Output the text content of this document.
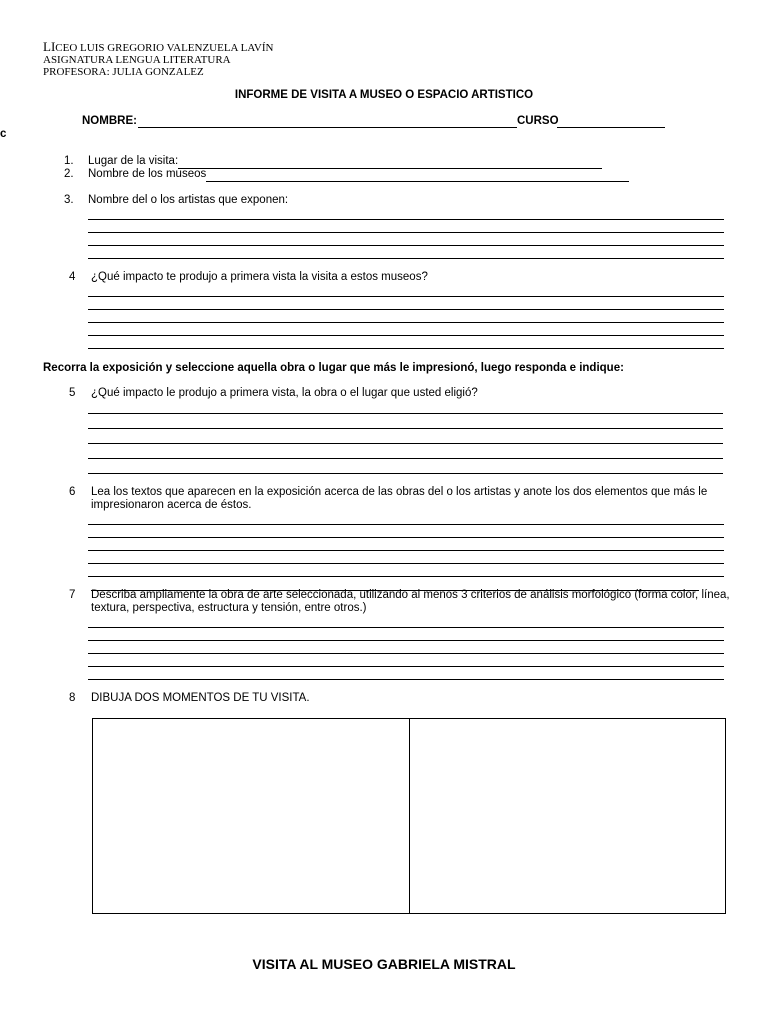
LICEO LUIS GREGORIO VALENZUELA LAVÍN
ASIGNATURA LENGUA LITERATURA
PROFESORA: JULIA GONZALEZ
c
INFORME DE VISITA A MUSEO O ESPACIO ARTISTICO
NOMBRE:	CURSO
1. Lugar de la visita:
2. Nombre de los museos
3. Nombre del o los artistas que exponen:
4 ¿Qué impacto te produjo a primera vista la visita a estos museos?
Recorra la exposición y seleccione aquella obra o lugar que más le impresionó, luego responda e indique:
5 ¿Qué impacto le produjo a primera vista, la obra o el lugar que usted eligió?
6 Lea los textos que aparecen en la exposición acerca de las obras del o los artistas y anote los dos elementos que más le
impresionaron acerca de éstos.
7 Describa ampliamente la obra de arte seleccionada, utilizando al menos 3 criterios de análisis morfológico (forma color, línea,
textura, perspectiva, estructura y tensión, entre otros.)
8 DIBUJA DOS MOMENTOS DE TU VISITA.
VISITA AL MUSEO GABRIELA MISTRAL
